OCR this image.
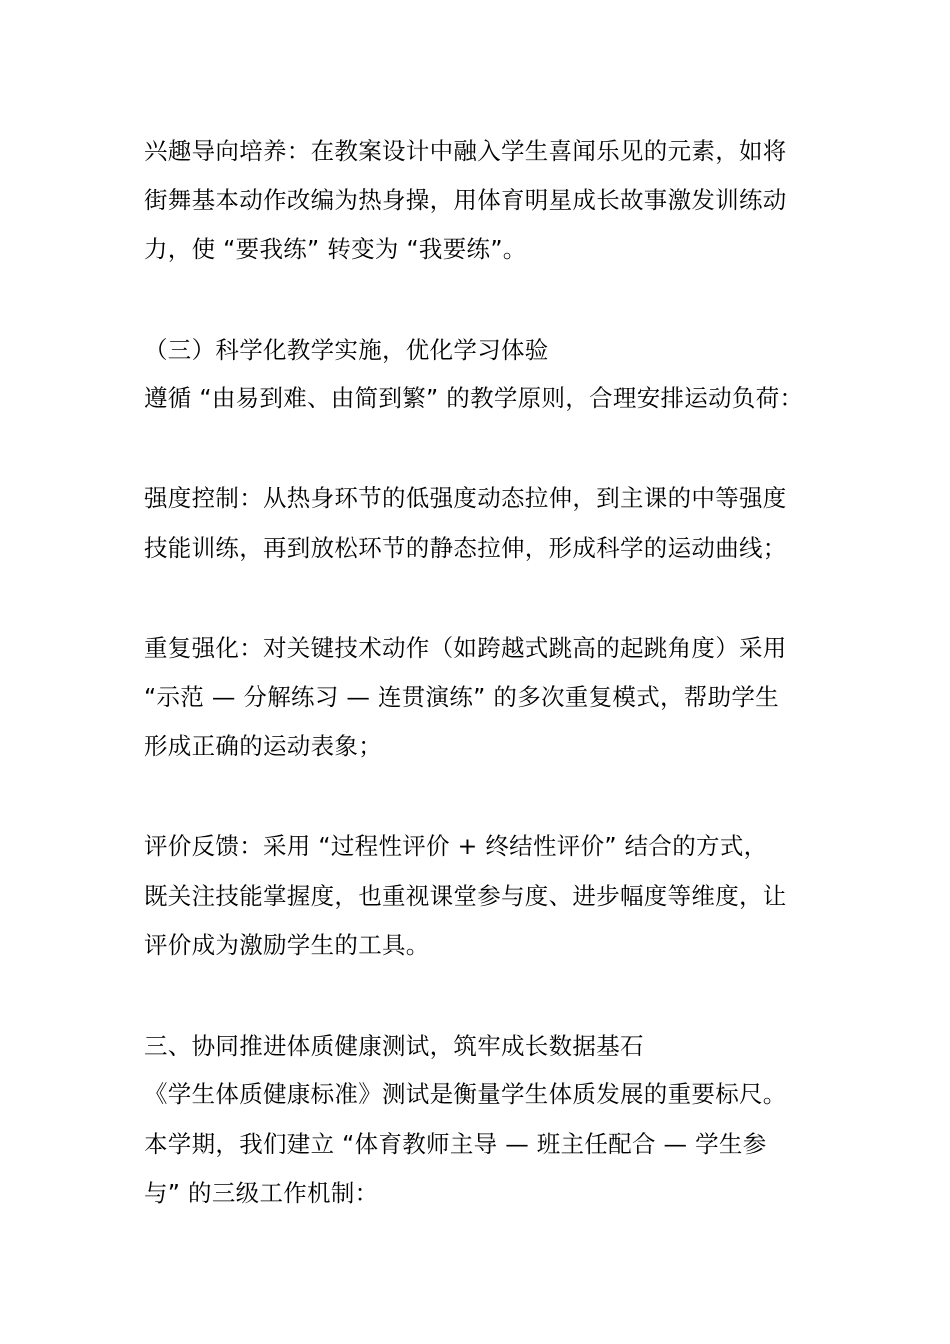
兴趣导向培养：在教案设计中融入学生喜闻乐见的元素，如将

街舞基本动作改编为热身操，用体育明星成长故事激发训练动

力，使 “要我练” 转变为 “我要练”。

（三）科学化教学实施，优化学习体验

遵循 “由易到难、由简到繁” 的教学原则，合理安排运动负荷：

强度控制：从热身环节的低强度动态拉伸，到主课的中等强度

技能训练，再到放松环节的静态拉伸，形成科学的运动曲线；

重复强化：对关键技术动作（如跨越式跳高的起跳角度）采用

“示范 — 分解练习 — 连贯演练” 的多次重复模式，帮助学生

形成正确的运动表象；

评价反馈：采用 “过程性评价 + 终结性评价” 结合的方式，

既关注技能掌握度，也重视课堂参与度、进步幅度等维度，让

评价成为激励学生的工具。

三、协同推进体质健康测试，筑牢成长数据基石

《学生体质健康标准》测试是衡量学生体质发展的重要标尺。

本学期，我们建立 “体育教师主导 — 班主任配合 — 学生参

与” 的三级工作机制：
